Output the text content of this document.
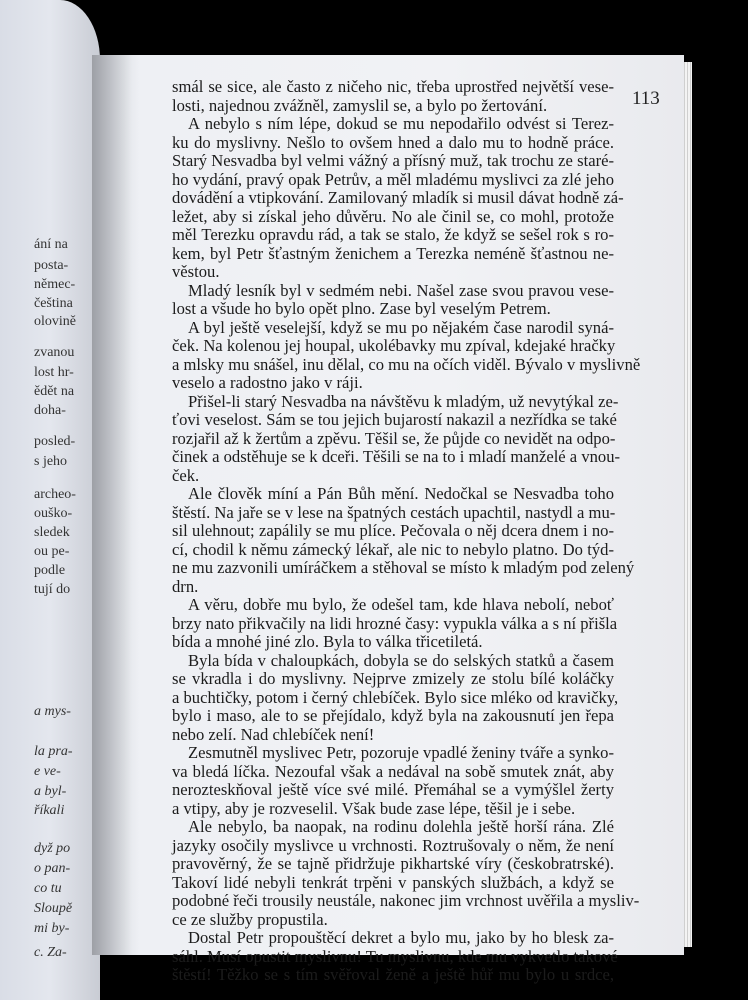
ání na
posta-
němec-
čeština
olovině
zvanou
lost hr-
ědět na
doha-
posled-
s jeho
archeo-
ouško-
sledek
ou pe-
podle
tují do
a mys-
la pra-
e ve-
a byl-
říkali
dyž po
o pan-
co tu
Sloupě
mi by-
c. Za-
113
smál se sice, ale často z ničeho nic, třeba uprostřed největší vese-
losti, najednou zvážněl, zamyslil se, a bylo po žertování.
A nebylo s ním lépe, dokud se mu nepodařilo odvést si Terez-
ku do myslivny. Nešlo to ovšem hned a dalo mu to hodně práce.
Starý Nesvadba byl velmi vážný a přísný muž, tak trochu ze staré-
ho vydání, pravý opak Petrův, a měl mladému myslivci za zlé jeho
dovádění a vtipkování. Zamilovaný mladík si musil dávat hodně zá-
ležet, aby si získal jeho důvěru. No ale činil se, co mohl, protože
měl Terezku opravdu rád, a tak se stalo, že když se sešel rok s ro-
kem, byl Petr šťastným ženichem a Terezka neméně šťastnou ne-
věstou.
Mladý lesník byl v sedmém nebi. Našel zase svou pravou vese-
lost a všude ho bylo opět plno. Zase byl veselým Petrem.
A byl ještě veselejší, když se mu po nějakém čase narodil syná-
ček. Na kolenou jej houpal, ukolébavky mu zpíval, kdejaké hračky
a mlsky mu snášel, inu dělal, co mu na očích viděl. Bývalo v myslivně
veselo a radostno jako v ráji.
Přišel-li starý Nesvadba na návštěvu k mladým, už nevytýkal ze-
ťovi veselost. Sám se tou jejich bujarostí nakazil a nezřídka se také
rozjařil až k žertům a zpěvu. Těšil se, že půjde co nevidět na odpo-
činek a odstěhuje se k dceři. Těšili se na to i mladí manželé a vnou-
ček.
Ale člověk míní a Pán Bůh mění. Nedočkal se Nesvadba toho
štěstí. Na jaře se v lese na špatných cestách upachtil, nastydl a mu-
sil ulehnout; zapálily se mu plíce. Pečovala o něj dcera dnem i no-
cí, chodil k němu zámecký lékař, ale nic to nebylo platno. Do týd-
ne mu zazvonili umíráčkem a stěhoval se místo k mladým pod zelený
drn.
A věru, dobře mu bylo, že odešel tam, kde hlava nebolí, neboť
brzy nato přikvačily na lidi hrozné časy: vypukla válka a s ní přišla
bída a mnohé jiné zlo. Byla to válka třicetiletá.
Byla bída v chaloupkách, dobyla se do selských statků a časem
se vkradla i do myslivny. Nejprve zmizely ze stolu bílé koláčky
a buchtičky, potom i černý chlebíček. Bylo sice mléko od kravičky,
bylo i maso, ale to se přejídalo, když byla na zakousnutí jen řepa
nebo zelí. Nad chlebíček není!
Zesmutněl myslivec Petr, pozoruje vpadlé ženiny tváře a synko-
va bledá líčka. Nezoufal však a nedával na sobě smutek znát, aby
nerozteskňoval ještě více své milé. Přemáhal se a vymýšlel žerty
a vtipy, aby je rozveselil. Však bude zase lépe, těšil je i sebe.
Ale nebylo, ba naopak, na rodinu dolehla ještě horší rána. Zlé
jazyky osočily myslivce u vrchnosti. Roztrušovaly o něm, že není
pravověrný, že se tajně přidržuje pikhartské víry (českobratrské).
Takoví lidé nebyli tenkrát trpěni v panských službách, a když se
podobné řeči trousily neustále, nakonec jim vrchnost uvěřila a mysliv-
ce ze služby propustila.
Dostal Petr propouštěcí dekret a bylo mu, jako by ho blesk za-
sáhl. Musí opustit myslivnu! Tu myslivnu, kde mu vykvetlo takové
štěstí! Těžko se s tím svěřoval ženě a ještě hůř mu bylo u srdce,
